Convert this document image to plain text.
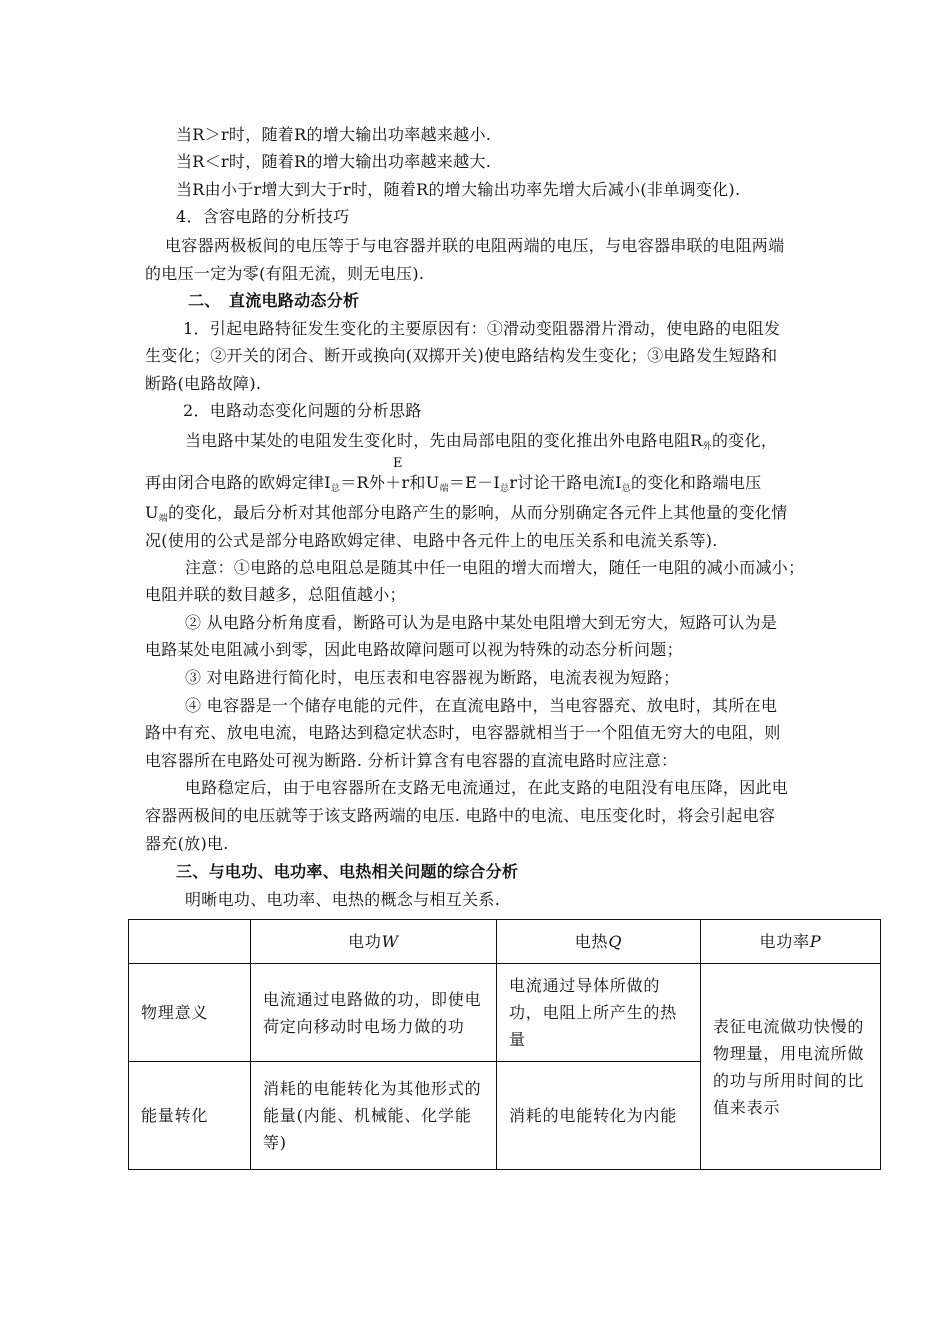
当R＞r时，随着R的增大输出功率越来越小.
当R＜r时，随着R的增大输出功率越来越大.
当R由小于r增大到大于r时，随着R的增大输出功率先增大后减小(非单调变化).
4．含容电路的分析技巧
电容器两极板间的电压等于与电容器并联的电阻两端的电压，与电容器串联的电阻两端
的电压一定为零(有阻无流，则无电压).
二、　直流电路动态分析
1．引起电路特征发生变化的主要原因有：①滑动变阻器滑片滑动，使电路的电阻发
生变化；②开关的闭合、断开或换向(双掷开关)使电路结构发生变化；③电路发生短路和
断路(电路故障).
2．电路动态变化问题的分析思路
当电路中某处的电阻发生变化时，先由局部电阻的变化推出外电路电阻$R_外$的变化，
E
再由闭合电路的欧姆定律$I_总=R$外＋r和$U_端=E-I_总r$讨论干路电流$I_总$的变化和路端电压
$U_端$的变化，最后分析对其他部分电路产生的影响，从而分别确定各元件上其他量的变化情
况(使用的公式是部分电路欧姆定律、电路中各元件上的电压关系和电流关系等).
注意：①电路的总电阻总是随其中任一电阻的增大而增大，随任一电阻的减小而减小；
电阻并联的数目越多，总阻值越小；
② 从电路分析角度看，断路可认为是电路中某处电阻增大到无穷大，短路可认为是
电路某处电阻减小到零，因此电路故障问题可以视为特殊的动态分析问题；
③ 对电路进行简化时，电压表和电容器视为断路，电流表视为短路；
④ 电容器是一个储存电能的元件，在直流电路中，当电容器充、放电时，其所在电
路中有充、放电电流，电路达到稳定状态时，电容器就相当于一个阻值无穷大的电阻，则
电容器所在电路处可视为断路. 分析计算含有电容器的直流电路时应注意：
电路稳定后，由于电容器所在支路无电流通过，在此支路的电阻没有电压降，因此电
容器两极间的电压就等于该支路两端的电压. 电路中的电流、电压变化时，将会引起电容
器充(放)电.
三、与电功、电功率、电热相关问题的综合分析
明晰电功、电功率、电热的概念与相互关系.
	电功W	电热Q	电功率P
物理意义	电流通过电路做的功，即使电荷定向移动时电场力做的功	电流通过导体所做的功，电阻上所产生的热量	表征电流做功快慢的物理量，用电流所做的功与所用时间的比值来表示
能量转化	消耗的电能转化为其他形式的能量(内能、机械能、化学能等)	消耗的电能转化为内能	
